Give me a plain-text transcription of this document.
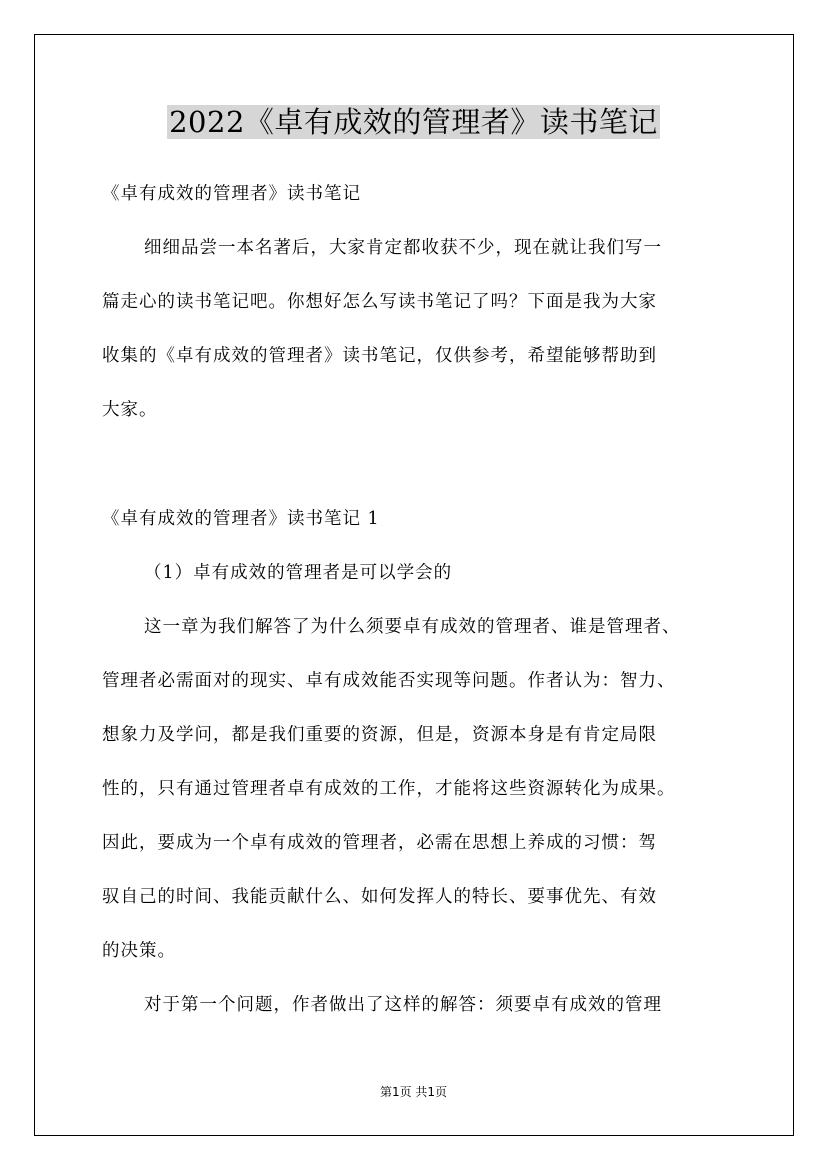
2022《卓有成效的管理者》读书笔记
《卓有成效的管理者》读书笔记
细细品尝一本名著后，大家肯定都收获不少，现在就让我们写一
篇走心的读书笔记吧。你想好怎么写读书笔记了吗？下面是我为大家
收集的《卓有成效的管理者》读书笔记，仅供参考，希望能够帮助到
大家。
《卓有成效的管理者》读书笔记 1
（1）卓有成效的管理者是可以学会的
这一章为我们解答了为什么须要卓有成效的管理者、谁是管理者、
管理者必需面对的现实、卓有成效能否实现等问题。作者认为：智力、
想象力及学问，都是我们重要的资源，但是，资源本身是有肯定局限
性的，只有通过管理者卓有成效的工作，才能将这些资源转化为成果。
因此，要成为一个卓有成效的管理者，必需在思想上养成的习惯：驾
驭自己的时间、我能贡献什么、如何发挥人的特长、要事优先、有效
的决策。
对于第一个问题，作者做出了这样的解答：须要卓有成效的管理
第1页 共1页
